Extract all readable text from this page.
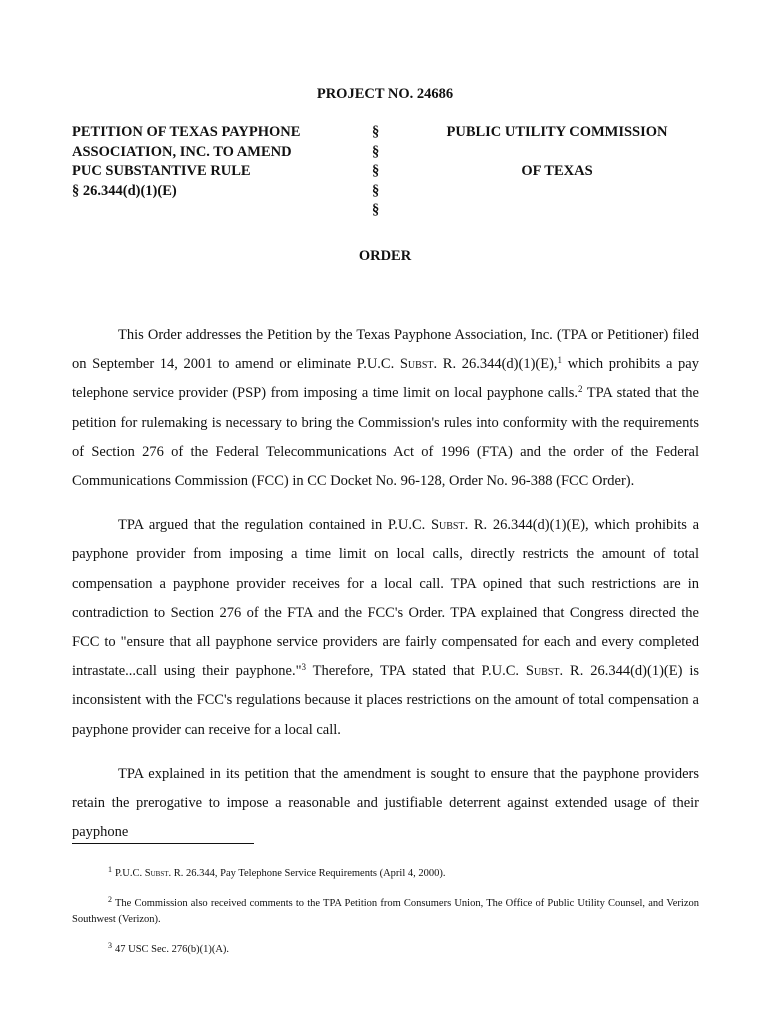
PROJECT NO. 24686
PETITION OF TEXAS PAYPHONE
ASSOCIATION, INC. TO AMEND
PUC SUBSTANTIVE RULE
§ 26.344(d)(1)(E)
§
§
§
§
§
PUBLIC UTILITY COMMISSION
OF TEXAS
ORDER

This Order addresses the Petition by the Texas Payphone Association, Inc. (TPA or Petitioner) filed on September 14, 2001 to amend or eliminate P.U.C. Subst. R. 26.344(d)(1)(E),$^1$ which prohibits a pay telephone service provider (PSP) from imposing a time limit on local payphone calls.$^2$ TPA stated that the petition for rulemaking is necessary to bring the Commission's rules into conformity with the requirements of Section 276 of the Federal Telecommunications Act of 1996 (FTA) and the order of the Federal Communications Commission (FCC) in CC Docket No. 96-128, Order No. 96-388 (FCC Order).

TPA argued that the regulation contained in P.U.C. Subst. R. 26.344(d)(1)(E), which prohibits a payphone provider from imposing a time limit on local calls, directly restricts the amount of total compensation a payphone provider receives for a local call. TPA opined that such restrictions are in contradiction to Section 276 of the FTA and the FCC's Order. TPA explained that Congress directed the FCC to "ensure that all payphone service providers are fairly compensated for each and every completed intrastate...call using their payphone."$^3$ Therefore, TPA stated that P.U.C. Subst. R. 26.344(d)(1)(E) is inconsistent with the FCC's regulations because it places restrictions on the amount of total compensation a payphone provider can receive for a local call.

TPA explained in its petition that the amendment is sought to ensure that the payphone providers retain the prerogative to impose a reasonable and justifiable deterrent against extended usage of their payphone

$^1$ P.U.C. Subst. R. 26.344, Pay Telephone Service Requirements (April 4, 2000).
$^2$ The Commission also received comments to the TPA Petition from Consumers Union, The Office of Public Utility Counsel, and Verizon Southwest (Verizon).
$^3$ 47 USC Sec. 276(b)(1)(A).
